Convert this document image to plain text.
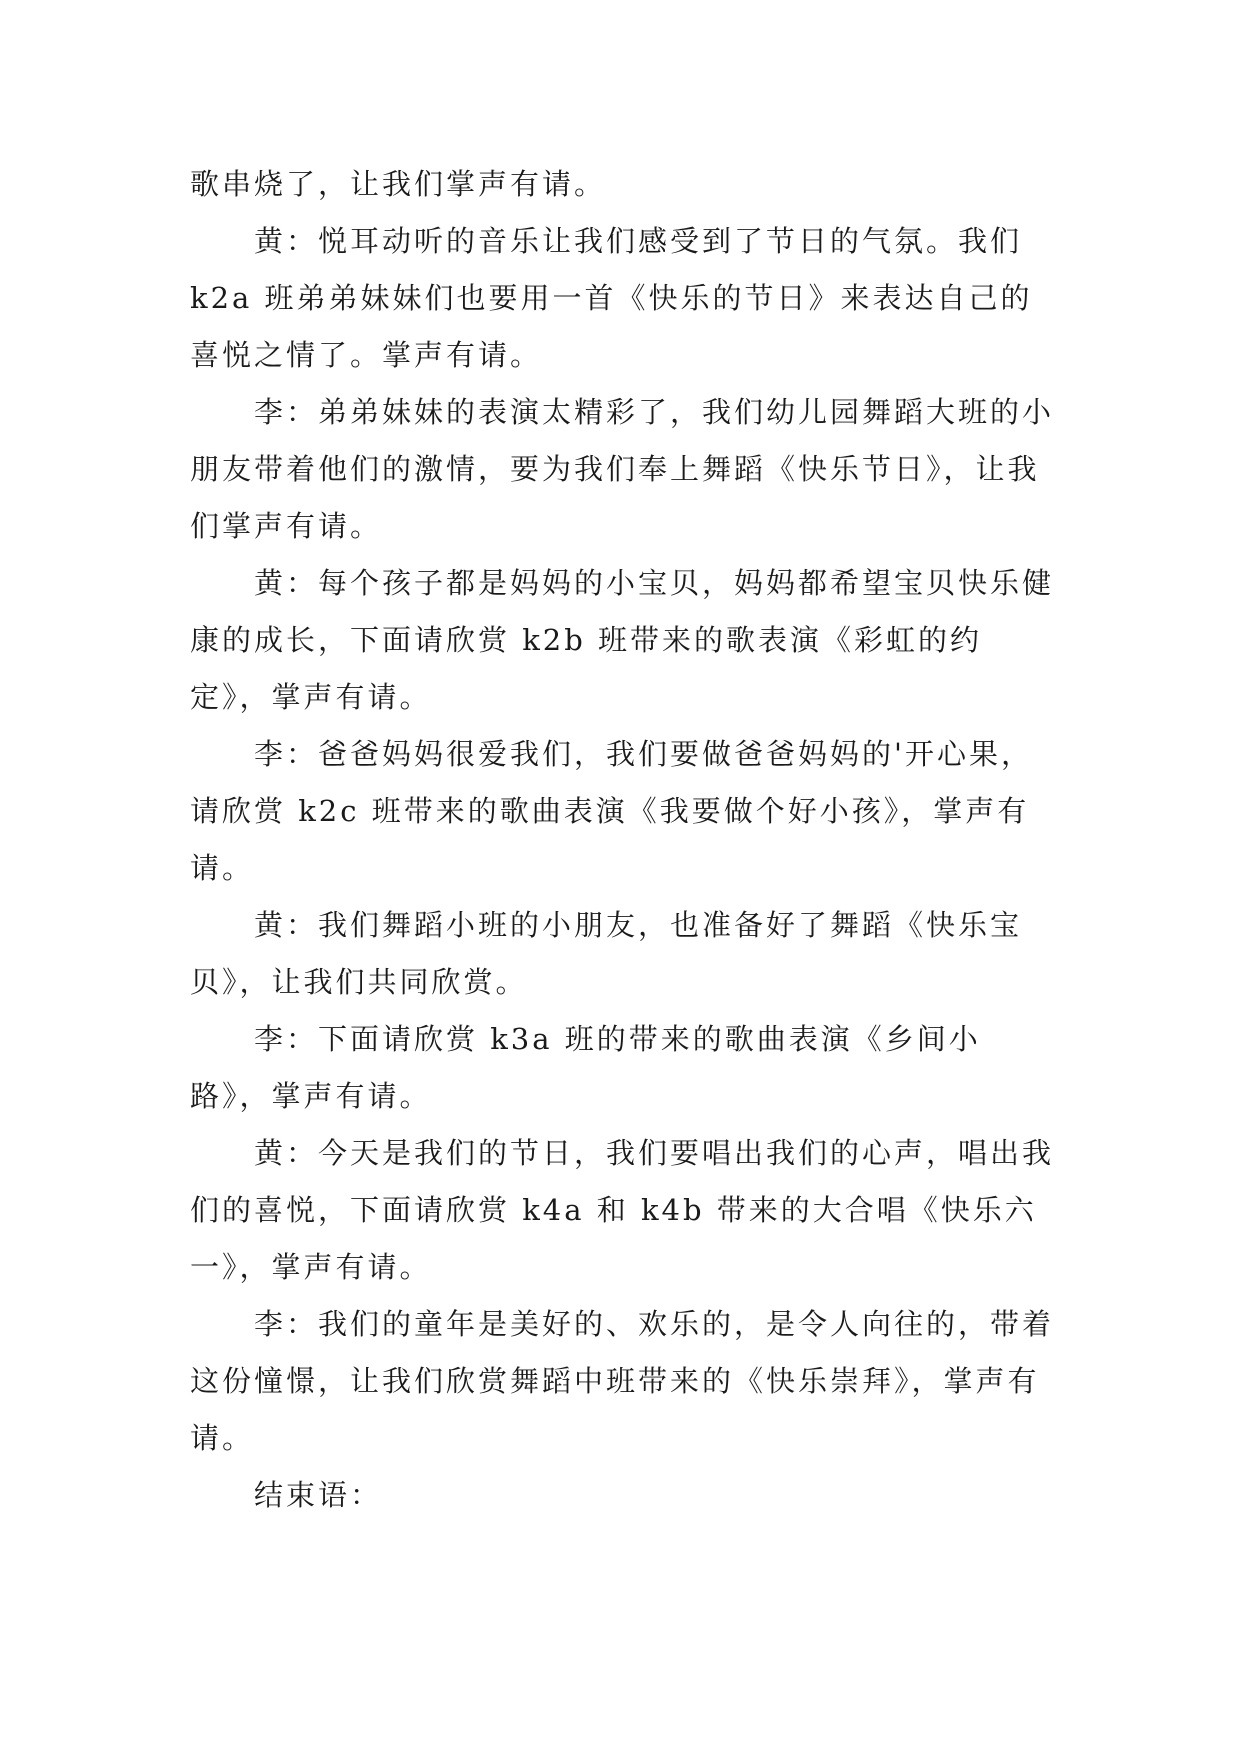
歌串烧了，让我们掌声有请。

黄：悦耳动听的音乐让我们感受到了节日的气氛。我们k2a 班弟弟妹妹们也要用一首《快乐的节日》来表达自己的喜悦之情了。掌声有请。

李：弟弟妹妹的表演太精彩了，我们幼儿园舞蹈大班的小朋友带着他们的激情，要为我们奉上舞蹈《快乐节日》，让我们掌声有请。

黄：每个孩子都是妈妈的小宝贝，妈妈都希望宝贝快乐健康的成长，下面请欣赏 k2b 班带来的歌表演《彩虹的约定》，掌声有请。

李：爸爸妈妈很爱我们，我们要做爸爸妈妈的'开心果，请欣赏 k2c 班带来的歌曲表演《我要做个好小孩》，掌声有请。

黄：我们舞蹈小班的小朋友，也准备好了舞蹈《快乐宝贝》，让我们共同欣赏。

李：下面请欣赏 k3a 班的带来的歌曲表演《乡间小路》，掌声有请。

黄：今天是我们的节日，我们要唱出我们的心声，唱出我们的喜悦，下面请欣赏 k4a 和 k4b 带来的大合唱《快乐六一》，掌声有请。

李：我们的童年是美好的、欢乐的，是令人向往的，带着这份憧憬，让我们欣赏舞蹈中班带来的《快乐崇拜》，掌声有请。

结束语：
